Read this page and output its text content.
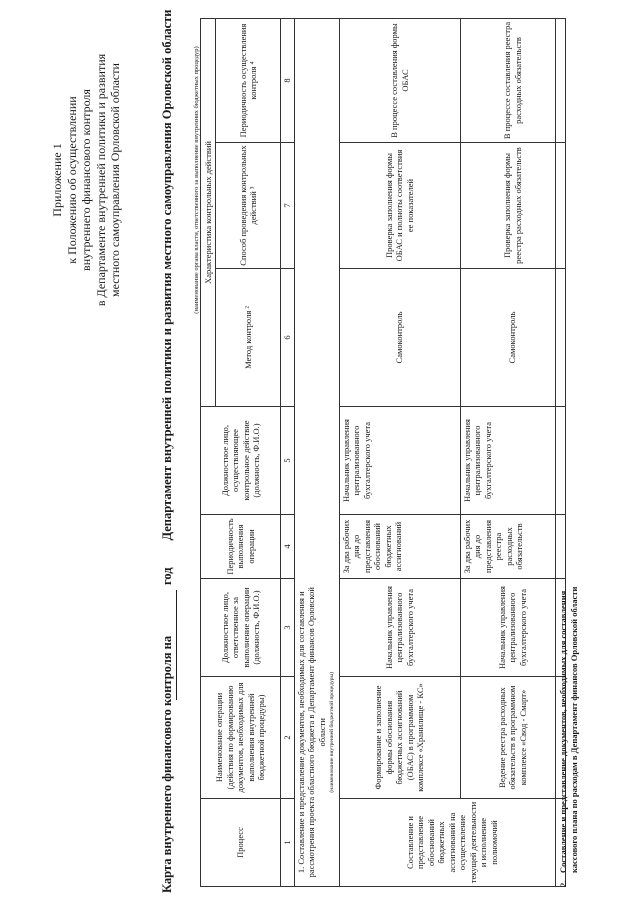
Приложение 1 к Положению об осуществлении внутреннего финансового контроля в Департаменте внутренней политики и развития местного самоуправления Орловской области
Карта внутреннего финансового контроля на
год
Департамент внутренней политики и развития местного самоуправления Орловской области	(наименование органа власти, ответственного за выполнение внутренних бюджетных процедур)
Процесс	Наименование операции (действия по формированию документов, необходимых для выполнения внутренней бюджетной процедуры)	Должностное лицо, ответственное за выполнение операции (должность, Ф.И.О.)	Периодичность выполнения операции	Должностное лицо, осуществляющее контрольное действие (должность, Ф.И.О.)	Характеристика контрольных действий		
					Метод контроля ²	Способ проведения контрольных действий ³	Периодичность осуществления контроля ⁴
1	2	3	4	5	6	7	8
1. Составление и представление документов, необходимых для составления и рассмотрения проекта областного бюджета в Департамент финансов Орловской области (наименование внутренней бюджетной процедуры)							

Составление и представление обоснований бюджетных ассигнований на осуществление текущей деятельности и исполнение полномочий	Формирование и заполнение формы обоснования бюджетных ассигнований (ОБАС) в программном комплексе «Хранилище - КС»	Начальник управления централизованного бухгалтерского учета	За два рабочих дня до представления обоснований бюджетных ассигнований	Начальник управления централизованного бухгалтерского учета	Самоконтроль	Проверка заполнения формы ОБАС и полноты соответствия ее показателей	В процессе составления формы ОБАС
	Ведение реестра расходных обязательств в программном комплексе «Свод - Смарт»	Начальник управления централизованного бухгалтерского учета	За два рабочих дня до представления реестра расходных обязательств	Начальник управления централизованного бухгалтерского учета	Самоконтроль	Проверка заполнения формы реестра расходных обязательств	В процессе составления реестра расходных обязательств
2.Составление и представление документов, необходимых для составления кассового плана по расходам в Департамент финансов Орловской области
